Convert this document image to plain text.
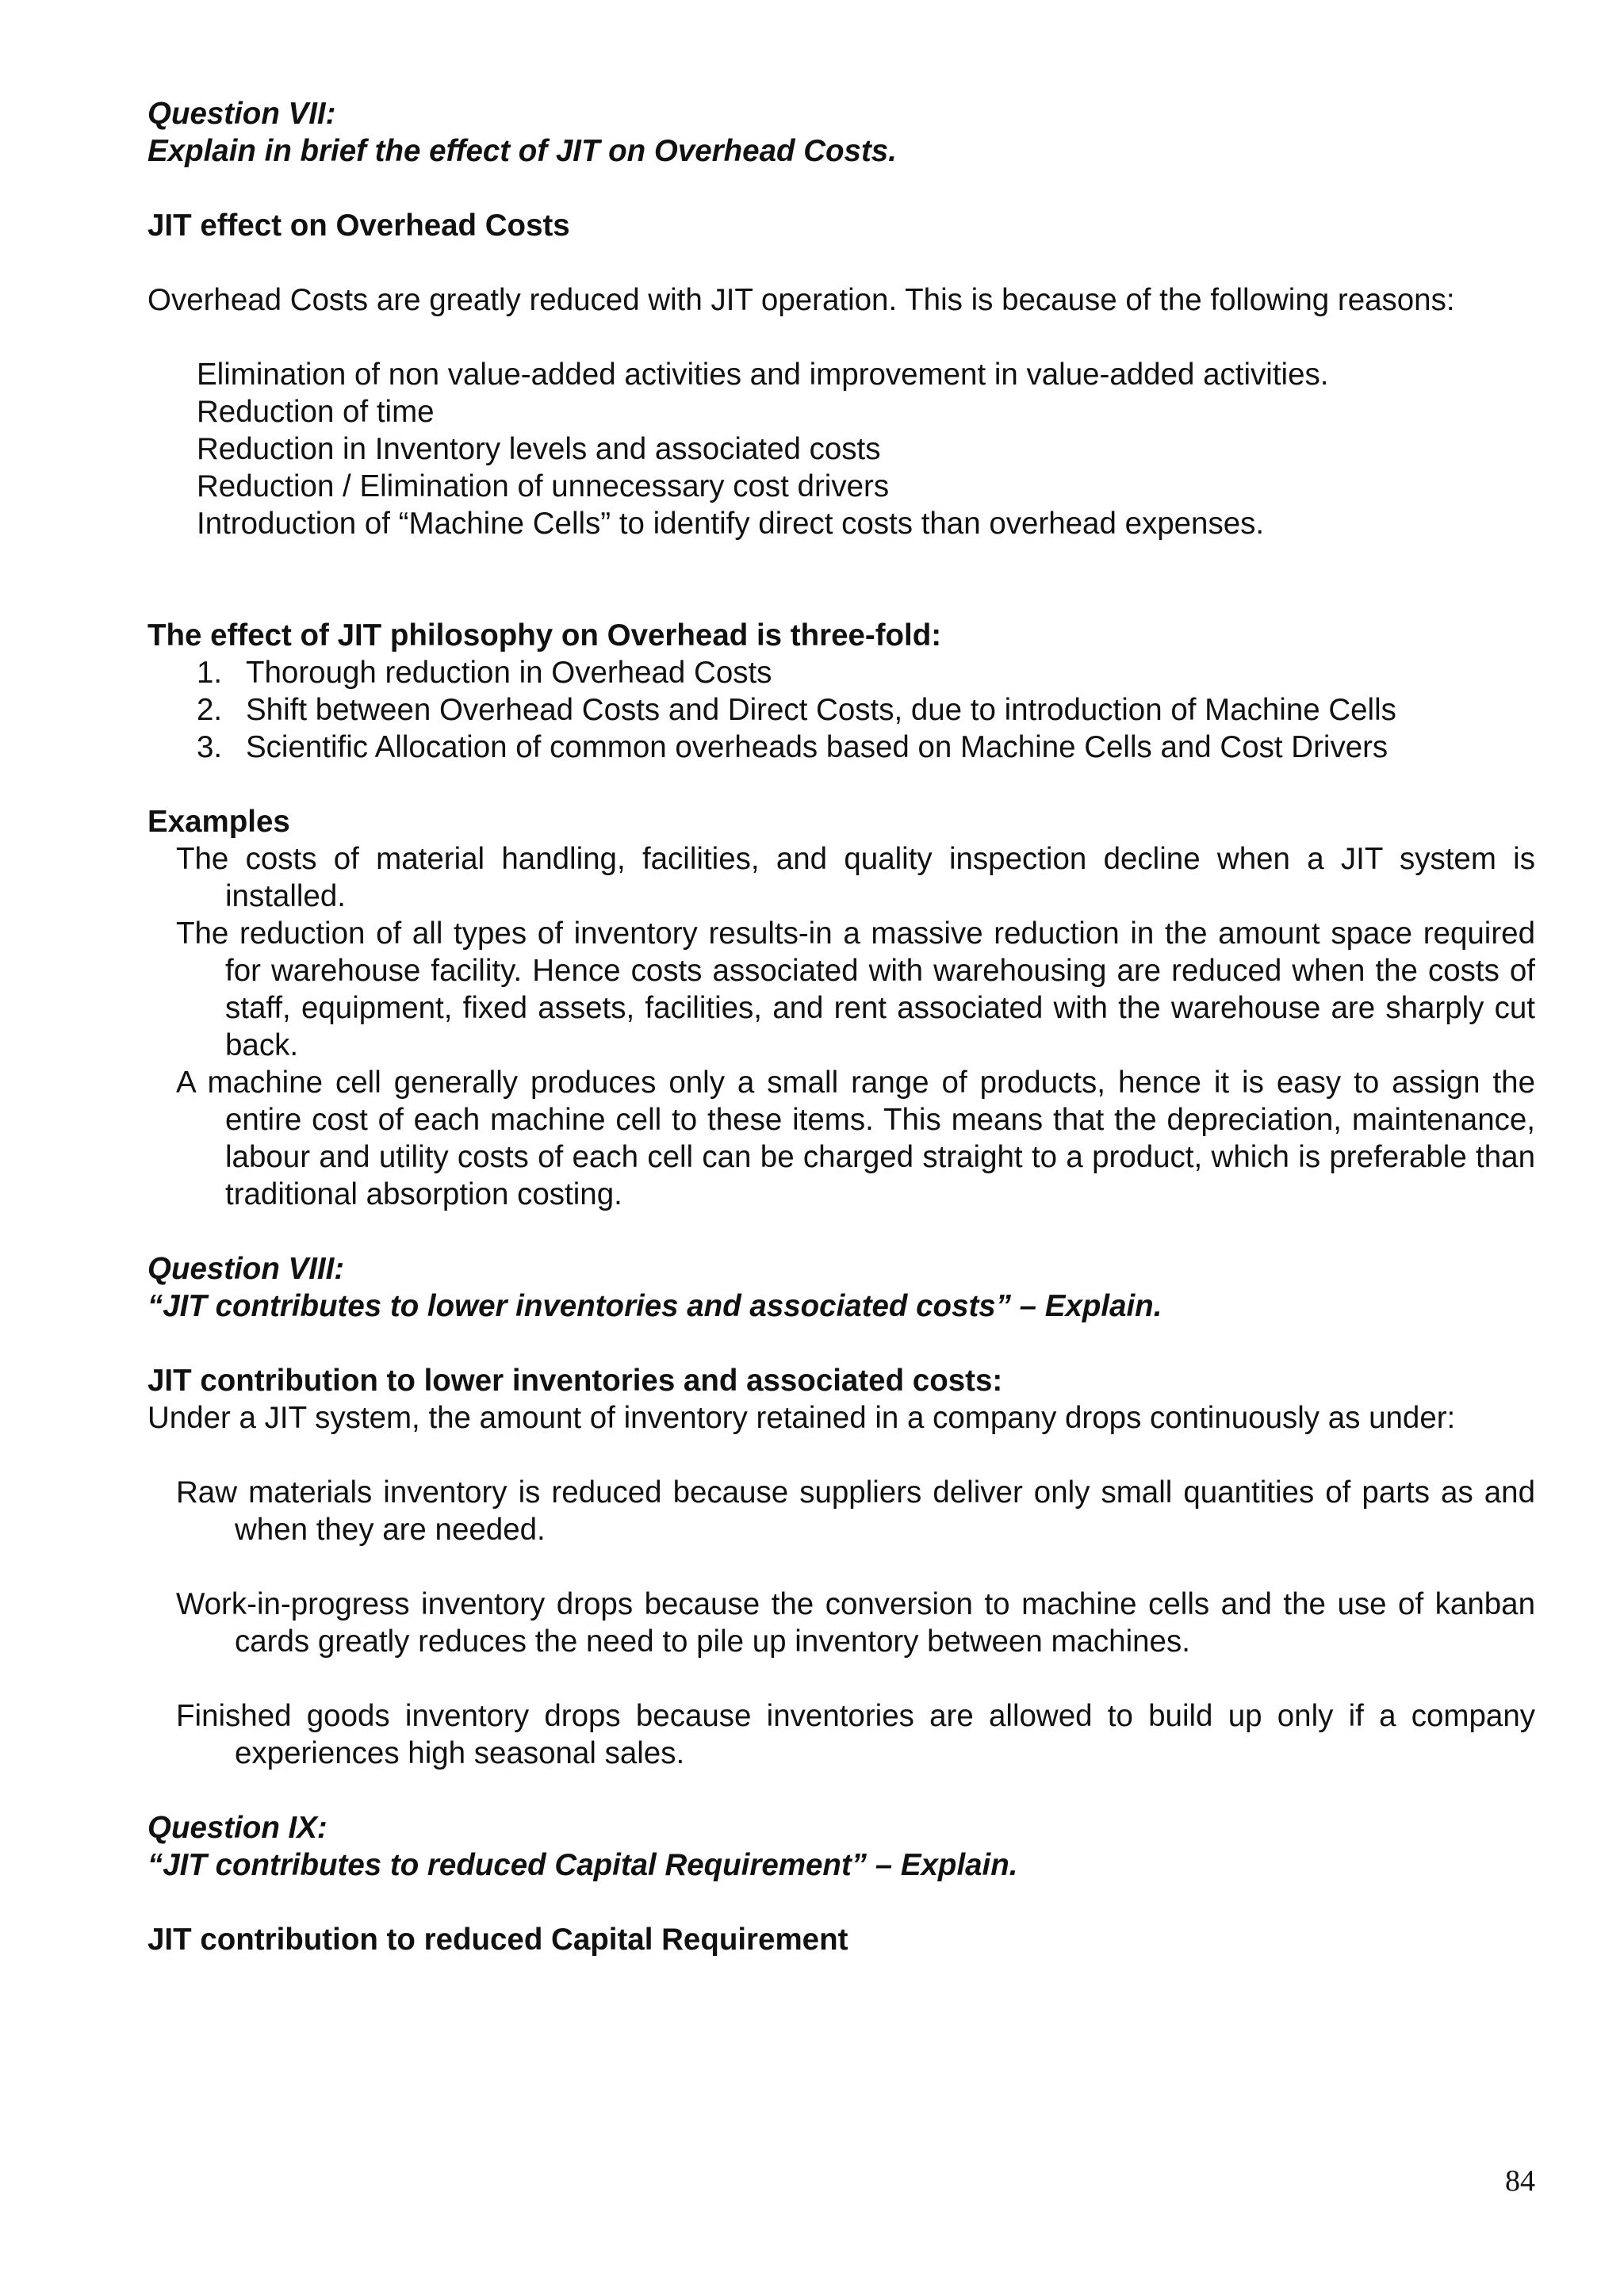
Question VII:

Explain in brief the effect of JIT on Overhead Costs.

JIT effect on Overhead Costs

Overhead Costs are greatly reduced with JIT operation. This is because of the following reasons:

Elimination of non value-added activities and improvement in value-added activities.
Reduction of time
Reduction in Inventory levels and associated costs
Reduction / Elimination of unnecessary cost drivers
Introduction of “Machine Cells” to identify direct costs than overhead expenses.

The effect of JIT philosophy on Overhead is three-fold:

1. Thorough reduction in Overhead Costs
2. Shift between Overhead Costs and Direct Costs, due to introduction of Machine Cells
3. Scientific Allocation of common overheads based on Machine Cells and Cost Drivers

Examples

The costs of material handling, facilities, and quality inspection decline when a JIT system is installed.

The reduction of all types of inventory results-in a massive reduction in the amount space required for warehouse facility. Hence costs associated with warehousing are reduced when the costs of staff, equipment, fixed assets, facilities, and rent associated with the warehouse are sharply cut back.

A machine cell generally produces only a small range of products, hence it is easy to assign the entire cost of each machine cell to these items. This means that the depreciation, maintenance, labour and utility costs of each cell can be charged straight to a product, which is preferable than traditional absorption costing.

Question VIII:

“JIT contributes to lower inventories and associated costs” – Explain.

JIT contribution to lower inventories and associated costs:

Under a JIT system, the amount of inventory retained in a company drops continuously as under:

Raw materials inventory is reduced because suppliers deliver only small quantities of parts as and when they are needed.

Work-in-progress inventory drops because the conversion to machine cells and the use of kanban cards greatly reduces the need to pile up inventory between machines.

Finished goods inventory drops because inventories are allowed to build up only if a company experiences high seasonal sales.

Question IX:

“JIT contributes to reduced Capital Requirement” – Explain.

JIT contribution to reduced Capital Requirement

84
